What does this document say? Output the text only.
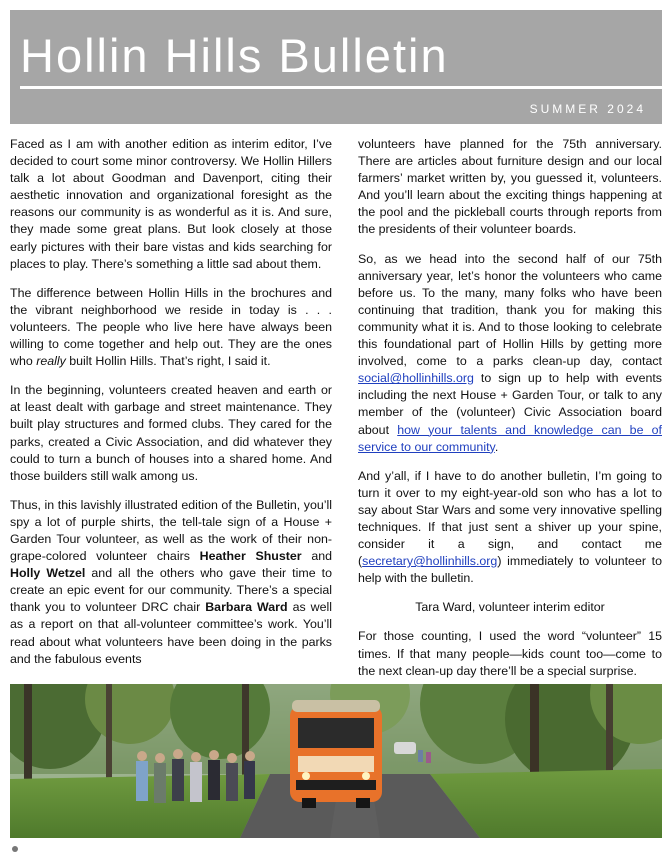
Hollin Hills Bulletin
SUMMER 2024

Faced as I am with another edition as interim editor, I’ve decided to court some minor controversy. We Hollin Hillers talk a lot about Goodman and Davenport, citing their aesthetic innovation and organizational foresight as the reasons our community is as wonderful as it is. And sure, they made some great plans. But look closely at those early pictures with their bare vistas and kids searching for places to play. There’s something a little sad about them.

The difference between Hollin Hills in the brochures and the vibrant neighborhood we reside in today is . . . volunteers. The people who live here have always been willing to come together and help out. They are the ones who really built Hollin Hills. That’s right, I said it.

In the beginning, volunteers created heaven and earth or at least dealt with garbage and street maintenance. They built play structures and formed clubs. They cared for the parks, created a Civic Association, and did whatever they could to turn a bunch of houses into a shared home. And those builders still walk among us.

Thus, in this lavishly illustrated edition of the Bulletin, you’ll spy a lot of purple shirts, the tell-tale sign of a House + Garden Tour volunteer, as well as the work of their non-grape-colored volunteer chairs Heather Shuster and Holly Wetzel and all the others who gave their time to create an epic event for our community. There’s a special thank you to volunteer DRC chair Barbara Ward as well as a report on that all-volunteer committee’s work. You’ll read about what volunteers have been doing in the parks and the fabulous events

volunteers have planned for the 75th anniversary. There are articles about furniture design and our local farmers’ market written by, you guessed it, volunteers. And you’ll learn about the exciting things happening at the pool and the pickleball courts through reports from the presidents of their volunteer boards.

So, as we head into the second half of our 75th anniversary year, let’s honor the volunteers who came before us. To the many, many folks who have been continuing that tradition, thank you for making this community what it is. And to those looking to celebrate this foundational part of Hollin Hills by getting more involved, come to a parks clean-up day, contact social@hollinhills.org to sign up to help with events including the next House + Garden Tour, or talk to any member of the (volunteer) Civic Association board about how your talents and knowledge can be of service to our community.

And y’all, if I have to do another bulletin, I’m going to turn it over to my eight-year-old son who has a lot to say about Star Wars and some very innovative spelling techniques. If that just sent a shiver up your spine, consider it a sign, and contact me (secretary@hollinhills.org) immediately to volunteer to help with the bulletin.

Tara Ward, volunteer interim editor

For those counting, I used the word “volunteer” 15 times. If that many people—kids count too—come to the next clean-up day there’ll be a special surprise.
